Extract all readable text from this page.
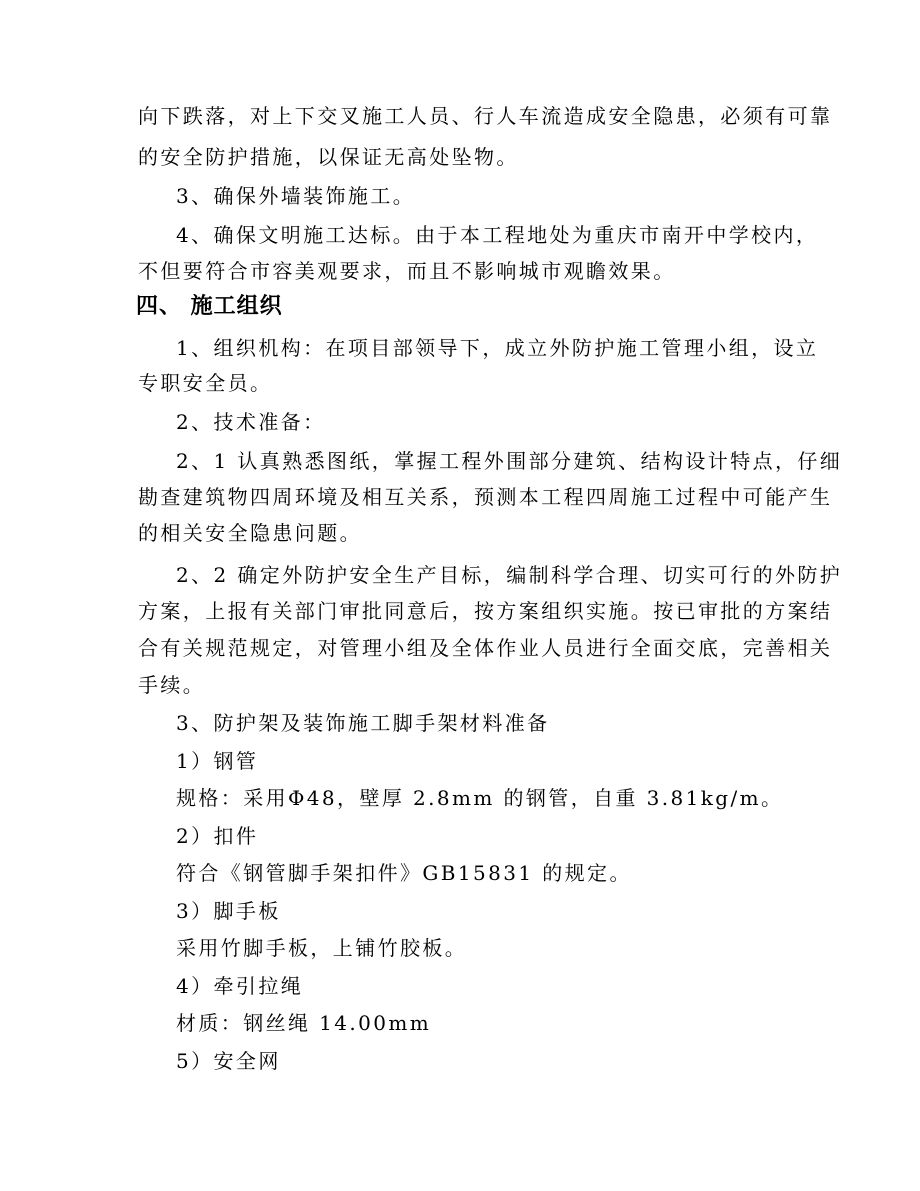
向下跌落，对上下交叉施工人员、行人车流造成安全隐患，必须有可靠
的安全防护措施，以保证无高处坠物。
3、确保外墙装饰施工。
4、确保文明施工达标。由于本工程地处为重庆市南开中学校内，
不但要符合市容美观要求，而且不影响城市观瞻效果。
四、 施工组织
1、组织机构：在项目部领导下，成立外防护施工管理小组，设立
专职安全员。
2、技术准备：
2、1 认真熟悉图纸，掌握工程外围部分建筑、结构设计特点，仔细
勘查建筑物四周环境及相互关系，预测本工程四周施工过程中可能产生
的相关安全隐患问题。
2、2 确定外防护安全生产目标，编制科学合理、切实可行的外防护
方案，上报有关部门审批同意后，按方案组织实施。按已审批的方案结
合有关规范规定，对管理小组及全体作业人员进行全面交底，完善相关
手续。
3、防护架及装饰施工脚手架材料准备
1）钢管
规格：采用Φ48，壁厚 2.8mm 的钢管，自重 3.81kg/m。
2）扣件
符合《钢管脚手架扣件》GB15831 的规定。
3）脚手板
采用竹脚手板，上铺竹胶板。
4）牵引拉绳
材质：钢丝绳 14.00mm
5）安全网
